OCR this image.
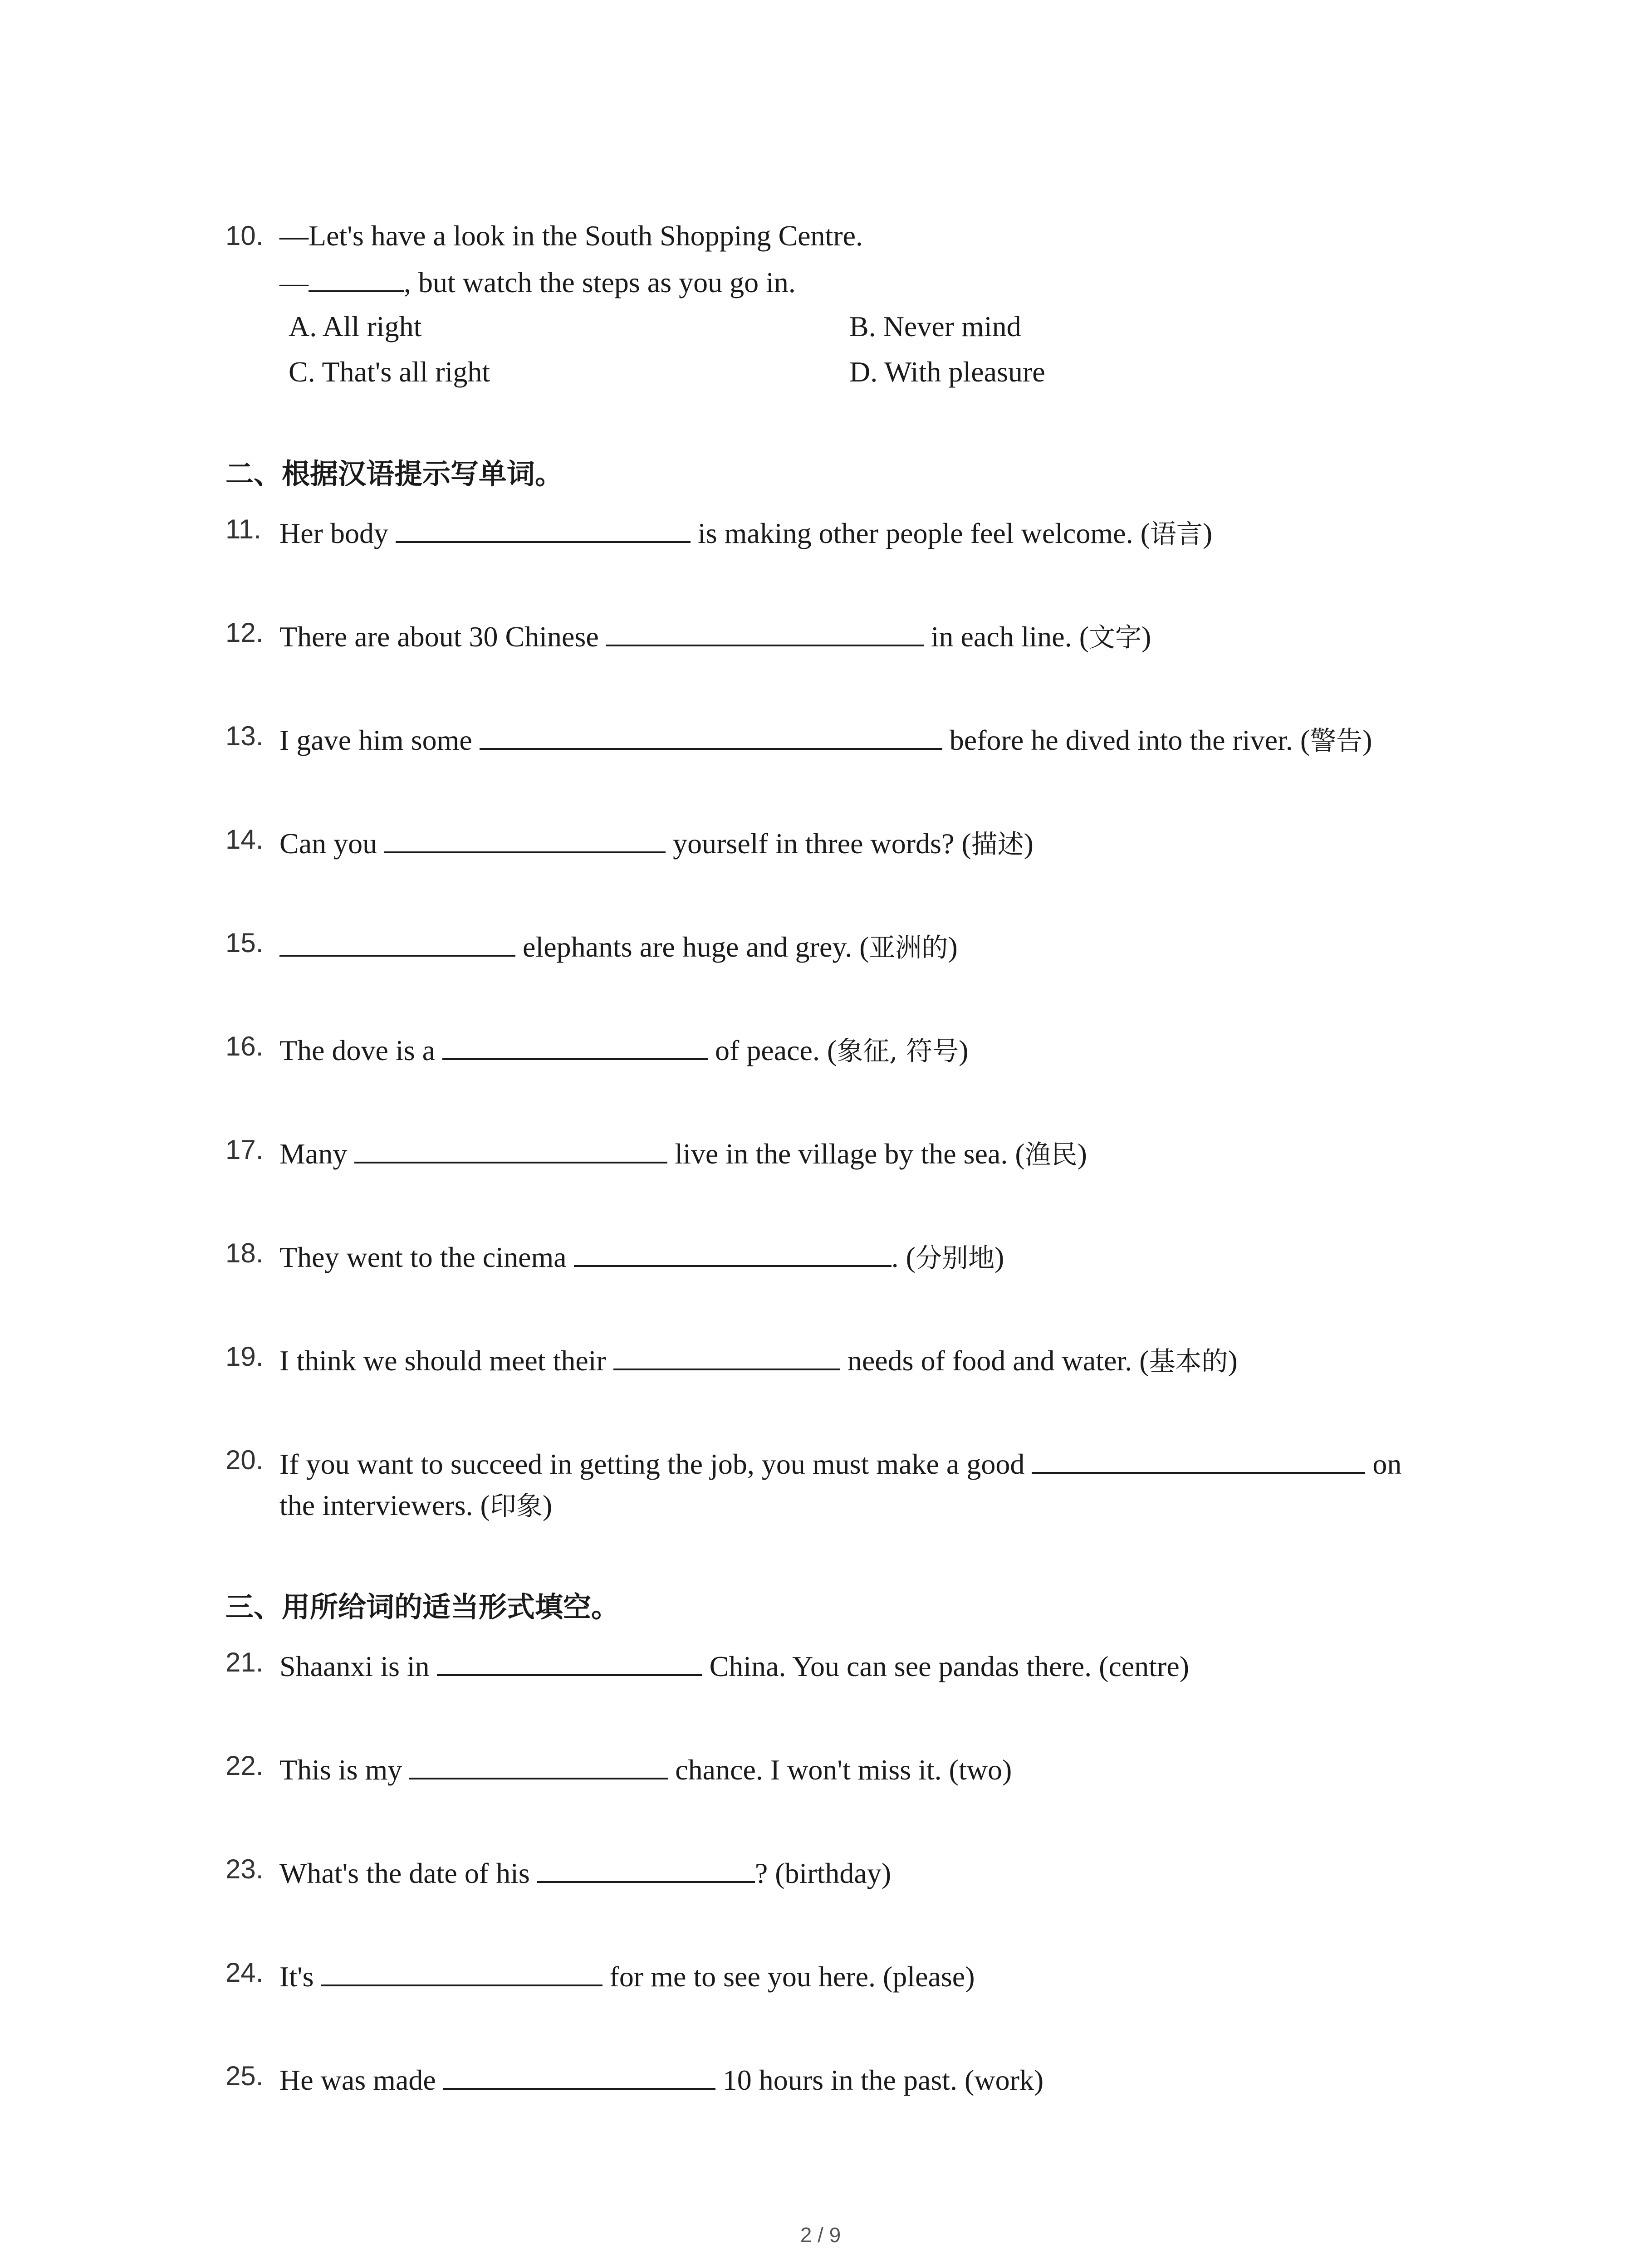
10. —Let's have a look in the South Shopping Centre.
—	, but watch the steps as you go in.
A. All right	B. Never mind
C. That's all right	D. With pleasure
二、根据汉语提示写单词。
11. Her body	is making other people feel welcome. (语言)
12. There are about 30 Chinese	in each line. (文字)
13. I gave him some	before he dived into the river. (警告)
14. Can you	yourself in three words? (描述)
15.	elephants are huge and grey. (亚洲的)
16. The dove is a	of peace. (象征, 符号)
17. Many	live in the village by the sea. (渔民)
18. They went to the cinema	. (分别地)
19. I think we should meet their	needs of food and water. (基本的)
20. If you want to succeed in getting the job, you must make a good	on
the interviewers. (印象)
三、用所给词的适当形式填空。
21. Shaanxi is in	China. You can see pandas there. (centre)
22. This is my	chance. I won't miss it. (two)
23. What's the date of his	? (birthday)
24. It's	for me to see you here. (please)
25. He was made	10 hours in the past. (work)
2 / 9
